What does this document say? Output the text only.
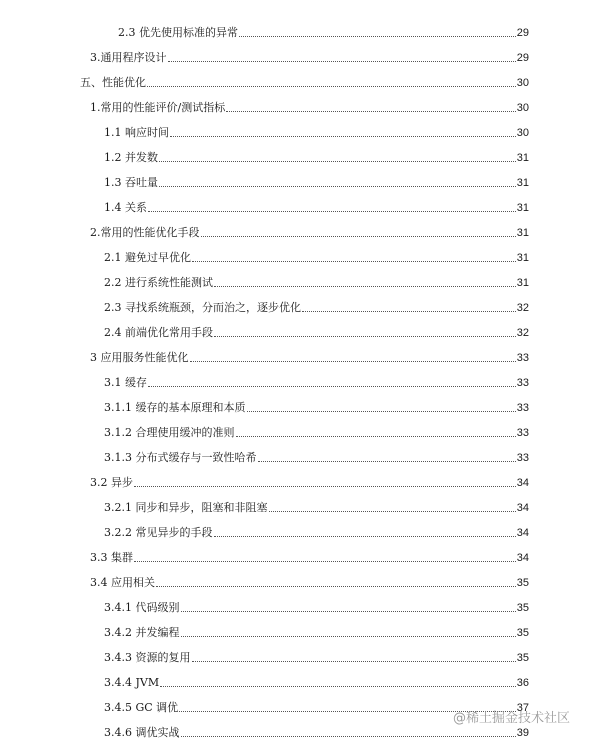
2.3 优先使用标准的异常	29
3.通用程序设计	29
五、性能优化	30
1.常用的性能评价/测试指标	30
1.1 响应时间	30
1.2 并发数	31
1.3 吞吐量	31
1.4 关系	31
2.常用的性能优化手段	31
2.1 避免过早优化	31
2.2 进行系统性能测试	31
2.3 寻找系统瓶颈，分而治之，逐步优化	32
2.4 前端优化常用手段	32
3 应用服务性能优化	33
3.1 缓存	33
3.1.1 缓存的基本原理和本质	33
3.1.2 合理使用缓冲的准则	33
3.1.3 分布式缓存与一致性哈希	33
3.2 异步	34
3.2.1 同步和异步，阻塞和非阻塞	34
3.2.2 常见异步的手段	34
3.3 集群	34
3.4 应用相关	35
3.4.1 代码级别	35
3.4.2 并发编程	35
3.4.3 资源的复用	35
3.4.4 JVM	36
3.4.5 GC 调优	37
3.4.6 调优实战	39
@稀土掘金技术社区
